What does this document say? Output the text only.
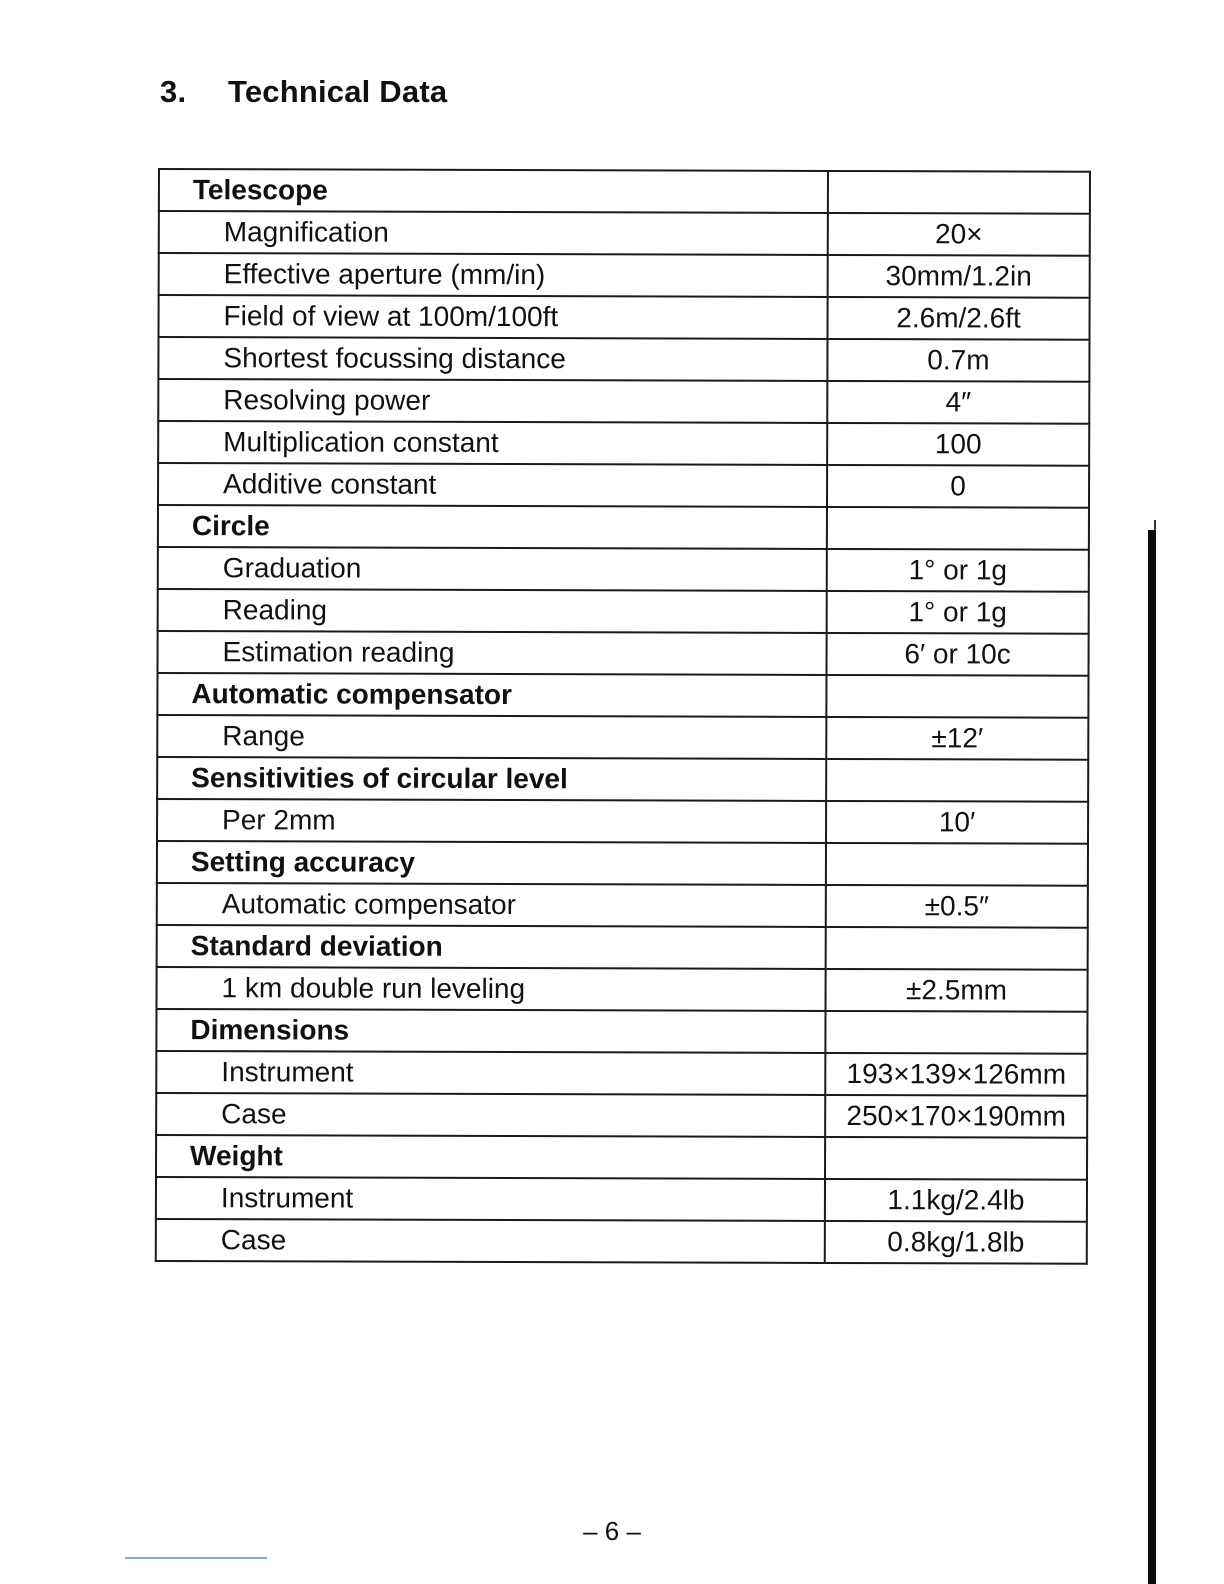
3. Technical Data
Telescope	
Magnification	20×
Effective aperture (mm/in)	30mm/1.2in
Field of view at 100m/100ft	2.6m/2.6ft
Shortest focussing distance	0.7m
Resolving power	4″
Multiplication constant	100
Additive constant	0
Circle	
Graduation	1° or 1g
Reading	1° or 1g
Estimation reading	6′ or 10c
Automatic compensator	
Range	±12′
Sensitivities of circular level	
Per 2mm	10′
Setting accuracy	
Automatic compensator	±0.5″
Standard deviation	
1 km double run leveling	±2.5mm
Dimensions	
Instrument	193×139×126mm
Case	250×170×190mm
Weight	
Instrument	1.1kg/2.4lb
Case	0.8kg/1.8lb
– 6 –
